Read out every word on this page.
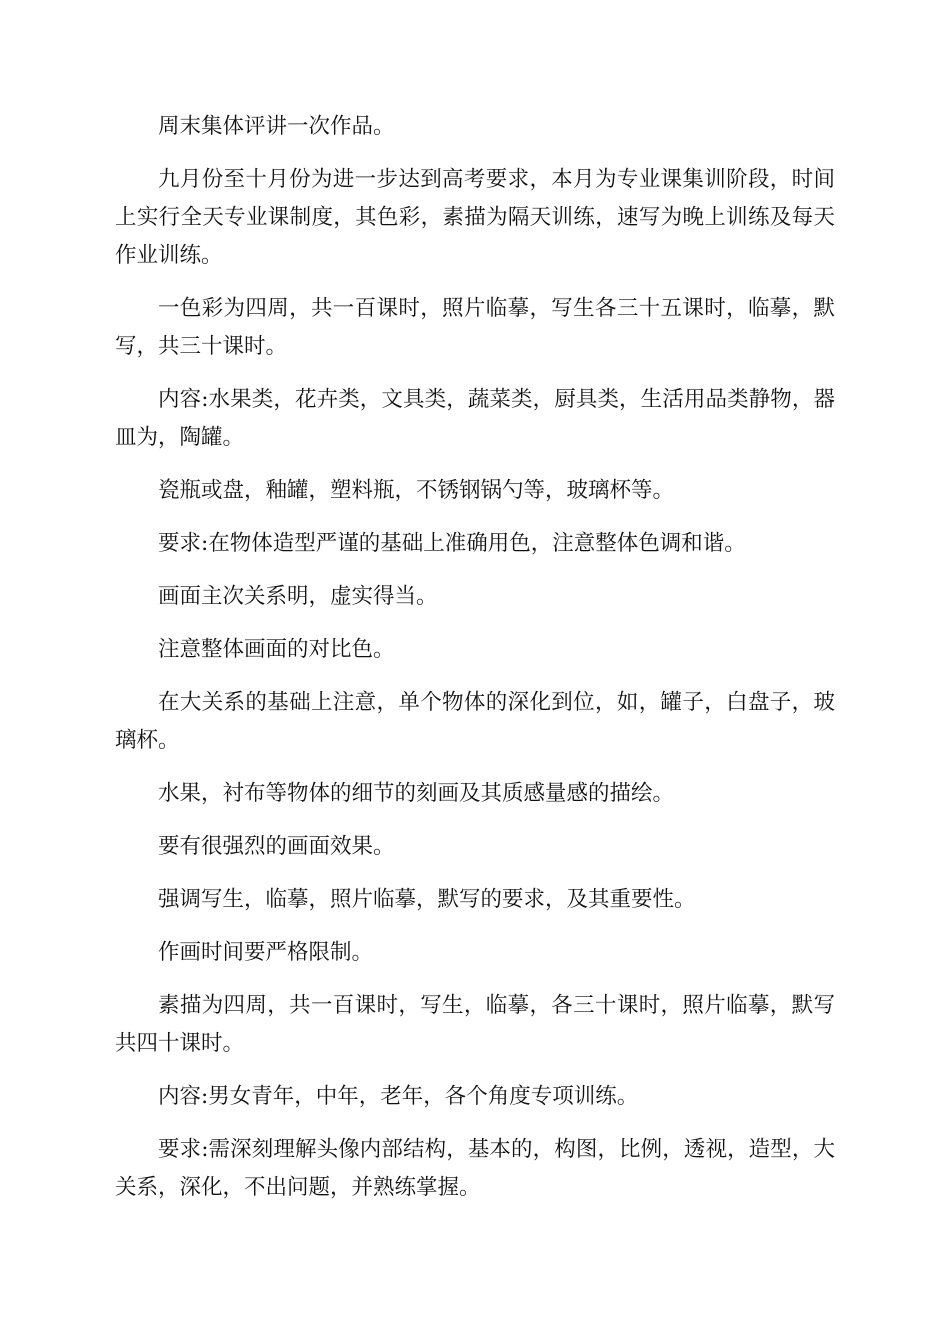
周末集体评讲一次作品。

九月份至十月份为进一步达到高考要求，本月为专业课集训阶段，时间上实行全天专业课制度，其色彩，素描为隔天训练，速写为晚上训练及每天作业训练。

一色彩为四周，共一百课时，照片临摹，写生各三十五课时，临摹，默写，共三十课时。

内容:水果类，花卉类，文具类，蔬菜类，厨具类，生活用品类静物，器皿为，陶罐。

瓷瓶或盘，釉罐，塑料瓶，不锈钢锅勺等，玻璃杯等。

要求:在物体造型严谨的基础上准确用色，注意整体色调和谐。

画面主次关系明，虚实得当。

注意整体画面的对比色。

在大关系的基础上注意，单个物体的深化到位，如，罐子，白盘子，玻璃杯。

水果，衬布等物体的细节的刻画及其质感量感的描绘。

要有很强烈的画面效果。

强调写生，临摹，照片临摹，默写的要求，及其重要性。

作画时间要严格限制。

素描为四周，共一百课时，写生，临摹，各三十课时，照片临摹，默写共四十课时。

内容:男女青年，中年，老年，各个角度专项训练。

要求:需深刻理解头像内部结构，基本的，构图，比例，透视，造型，大关系，深化，不出问题，并熟练掌握。
